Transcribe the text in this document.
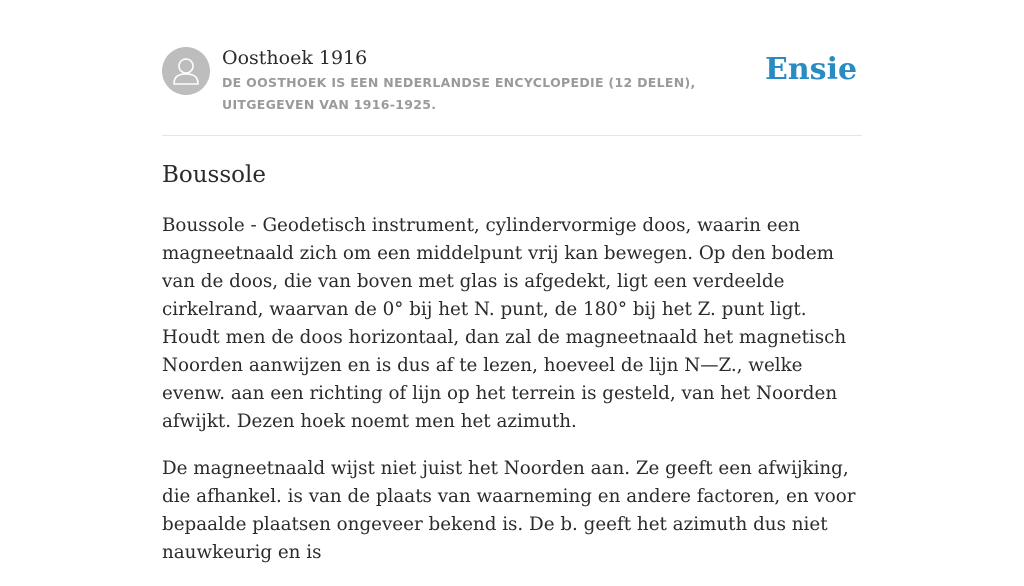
Oosthoek 1916
DE OOSTHOEK IS EEN NEDERLANDSE ENCYCLOPEDIE (12 DELEN), UITGEGEVEN VAN 1916-1925.
Ensie
Boussole

Boussole - Geodetisch instrument, cylindervormige doos, waarin een magneetnaald zich om een middelpunt vrij kan bewegen. Op den bodem van de doos, die van boven met glas is afgedekt, ligt een verdeelde cirkelrand, waarvan de 0° bij het N. punt, de 180° bij het Z. punt ligt. Houdt men de doos horizontaal, dan zal de magneetnaald het magnetisch Noorden aanwijzen en is dus af te lezen, hoeveel de lijn N—Z., welke evenw. aan een richting of lijn op het terrein is gesteld, van het Noorden afwijkt. Dezen hoek noemt men het azimuth.

De magneetnaald wijst niet juist het Noorden aan. Ze geeft een afwijking, die afhankel. is van de plaats van waarneming en andere factoren, en voor bepaalde plaatsen ongeveer bekend is. De b. geeft het azimuth dus niet nauwkeurig en is
